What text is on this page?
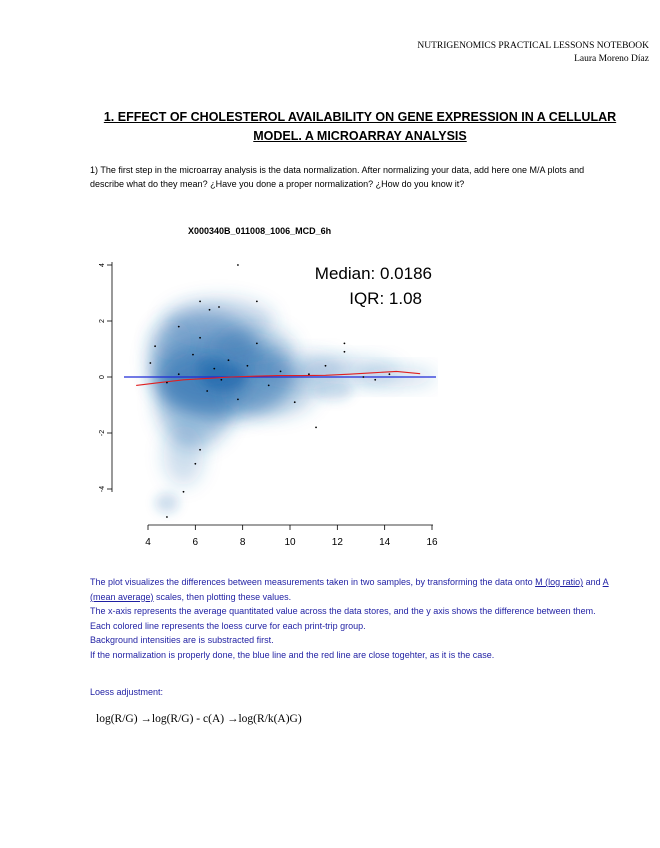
NUTRIGENOMICS PRACTICAL LESSONS NOTEBOOK
Laura Moreno Díaz
1. EFFECT OF CHOLESTEROL AVAILABILITY ON GENE EXPRESSION IN A CELLULAR
MODEL. A MICROARRAY ANALYSIS
1) The first step in the microarray analysis is the data normalization. After normalizing your data, add here one M/A plots and describe what do they mean? ¿Have you done a proper normalization? ¿How do you know it?
X000340B_011008_1006_MCD_6h
4	6	8	10	12	14	16
4
2
0
-2
-4
Median: 0.0186
IQR: 1.08

The plot visualizes the differences between measurements taken in two samples, by transforming the data onto M (log ratio) and A (mean average) scales, then plotting these values.

The x-axis represents the average quantitated value across the data stores, and the y axis shows the difference between them.

Each colored line represents the loess curve for each print-trip group.

Background intensities are is substracted first.

If the normalization is properly done, the blue line and the red line are close togehter, as it is the case.

Loess adjustment:
log(R/G) →log(R/G) - c(A) →log(R/k(A)G)
